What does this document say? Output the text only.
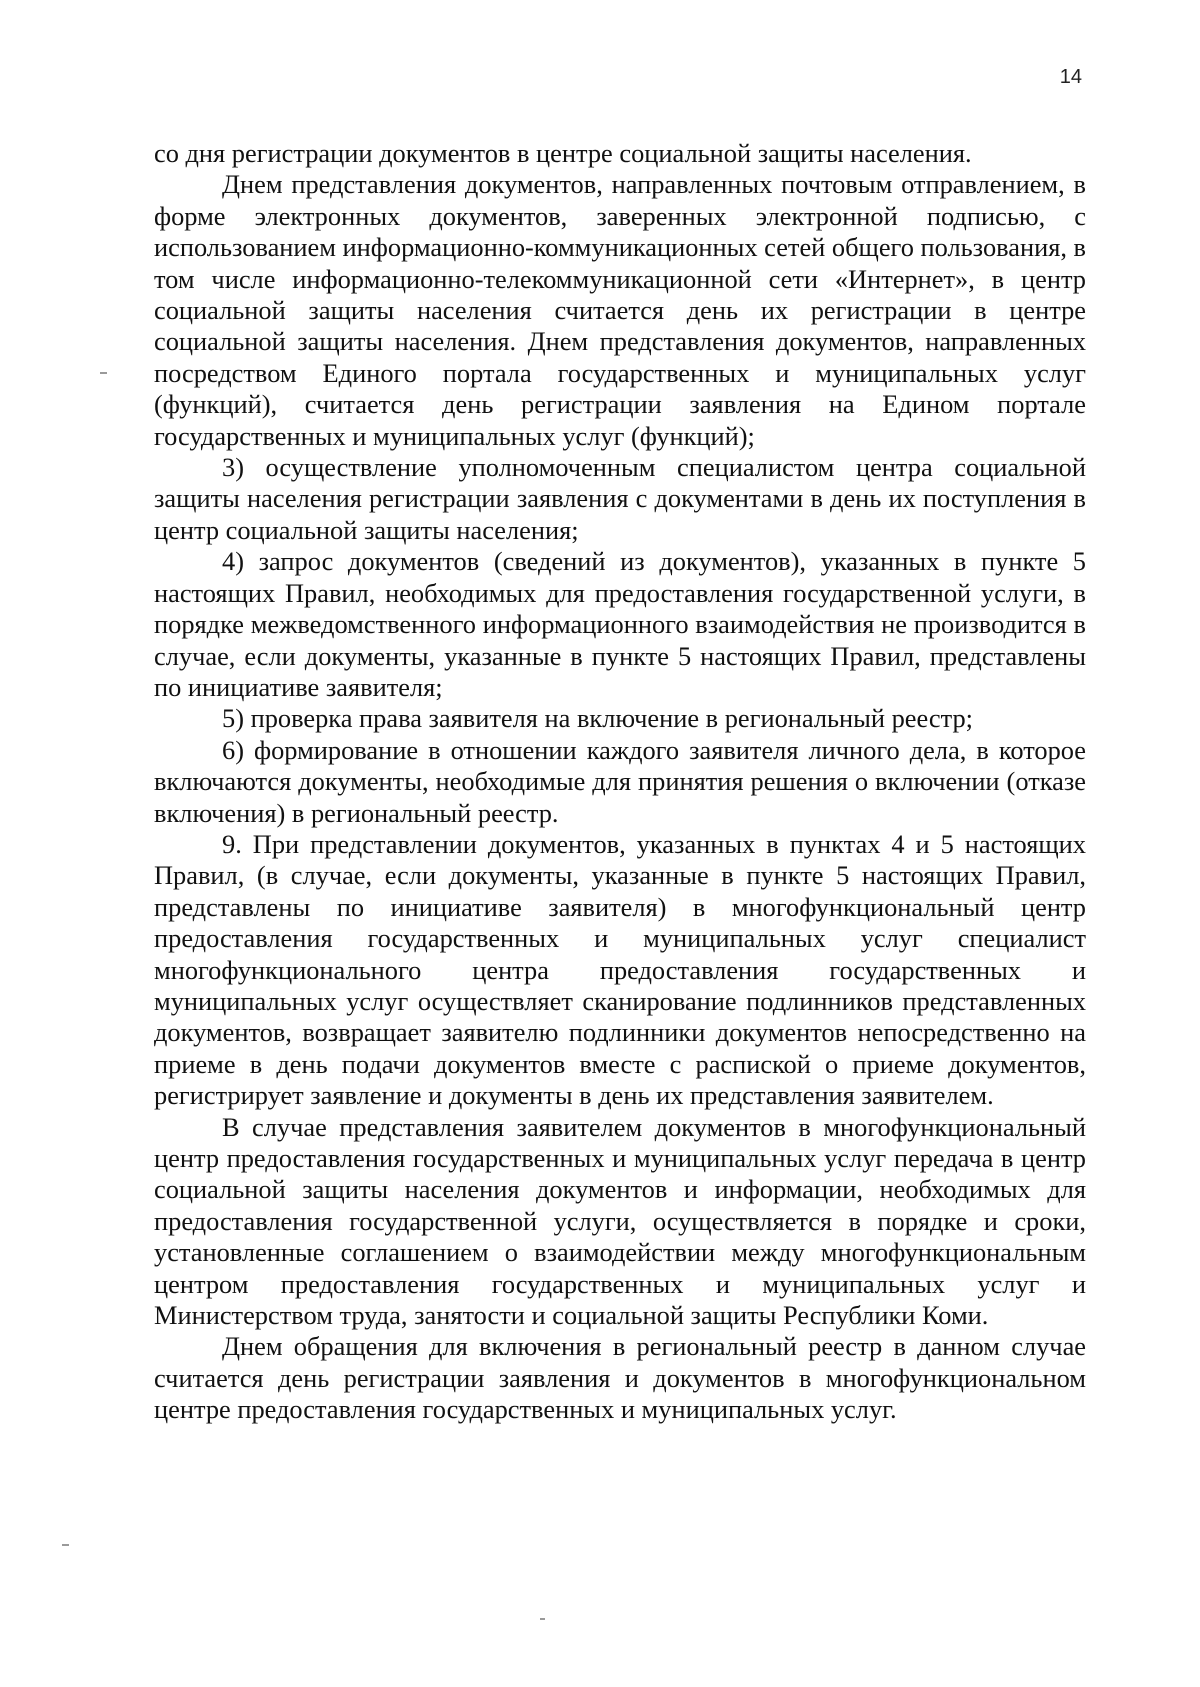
14

со дня регистрации документов в центре социальной защиты населения.

Днем представления документов, направленных почтовым отправлением, в форме электронных документов, заверенных электронной подписью, с использованием информационно-коммуникационных сетей общего пользования, в том числе информационно-телекоммуникационной сети «Интернет», в центр социальной защиты населения считается день их регистрации в центре социальной защиты населения. Днем представления документов, направленных посредством Единого портала государственных и муниципальных услуг (функций), считается день регистрации заявления на Едином портале государственных и муниципальных услуг (функций);

3) осуществление уполномоченным специалистом центра социальной защиты населения регистрации заявления с документами в день их поступления в центр социальной защиты населения;

4) запрос документов (сведений из документов), указанных в пункте 5 настоящих Правил, необходимых для предоставления государственной услуги, в порядке межведомственного информационного взаимодействия не производится в случае, если документы, указанные в пункте 5 настоящих Правил, представлены по инициативе заявителя;

5) проверка права заявителя на включение в региональный реестр;

6) формирование в отношении каждого заявителя личного дела, в которое включаются документы, необходимые для принятия решения о включении (отказе включения) в региональный реестр.

9. При представлении документов, указанных в пунктах 4 и 5 настоящих Правил, (в случае, если документы, указанные в пункте 5 настоящих Правил, представлены по инициативе заявителя) в многофункциональный центр предоставления государственных и муниципальных услуг специалист многофункционального центра предоставления государственных и муниципальных услуг осуществляет сканирование подлинников представленных документов, возвращает заявителю подлинники документов непосредственно на приеме в день подачи документов вместе с распиской о приеме документов, регистрирует заявление и документы в день их представления заявителем.

В случае представления заявителем документов в многофункциональный центр предоставления государственных и муниципальных услуг передача в центр социальной защиты населения документов и информации, необходимых для предоставления государственной услуги, осуществляется в порядке и сроки, установленные соглашением о взаимодействии между многофункциональным центром предоставления государственных и муниципальных услуг и Министерством труда, занятости и социальной защиты Республики Коми.

Днем обращения для включения в региональный реестр в данном случае считается день регистрации заявления и документов в многофункциональном центре предоставления государственных и муниципальных услуг.
